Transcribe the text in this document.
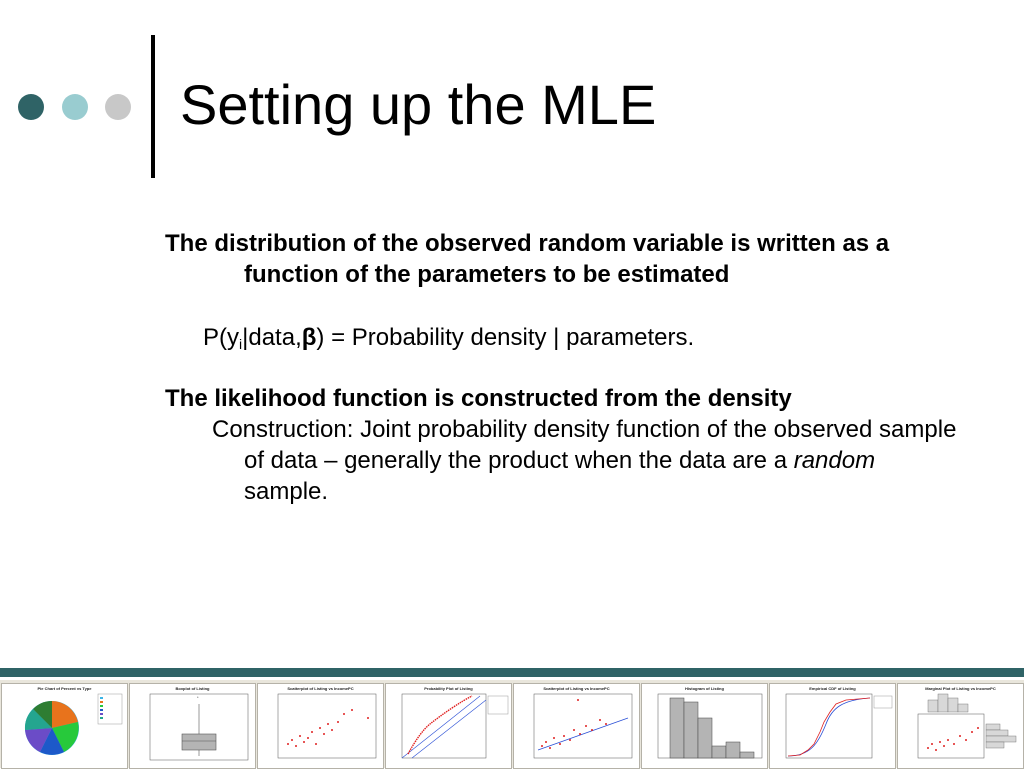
Setting up the MLE
The distribution of the observed random variable is written as a function of the parameters to be estimated
$P(y_i|data,\beta)$ = Probability density | parameters.
The likelihood function is constructed from the density
Construction: Joint probability density function of the observed sample of data – generally the product when the data are a random sample.
Pie Chart of Percent vs Type	Boxplot of Listing
*
Scatterplot of Listing vs IncomePC	Probability Plot of Listing	Scatterplot of Listing vs IncomePC	Histogram of Listing	Empirical CDF of Listing	Marginal Plot of Listing vs IncomePC
